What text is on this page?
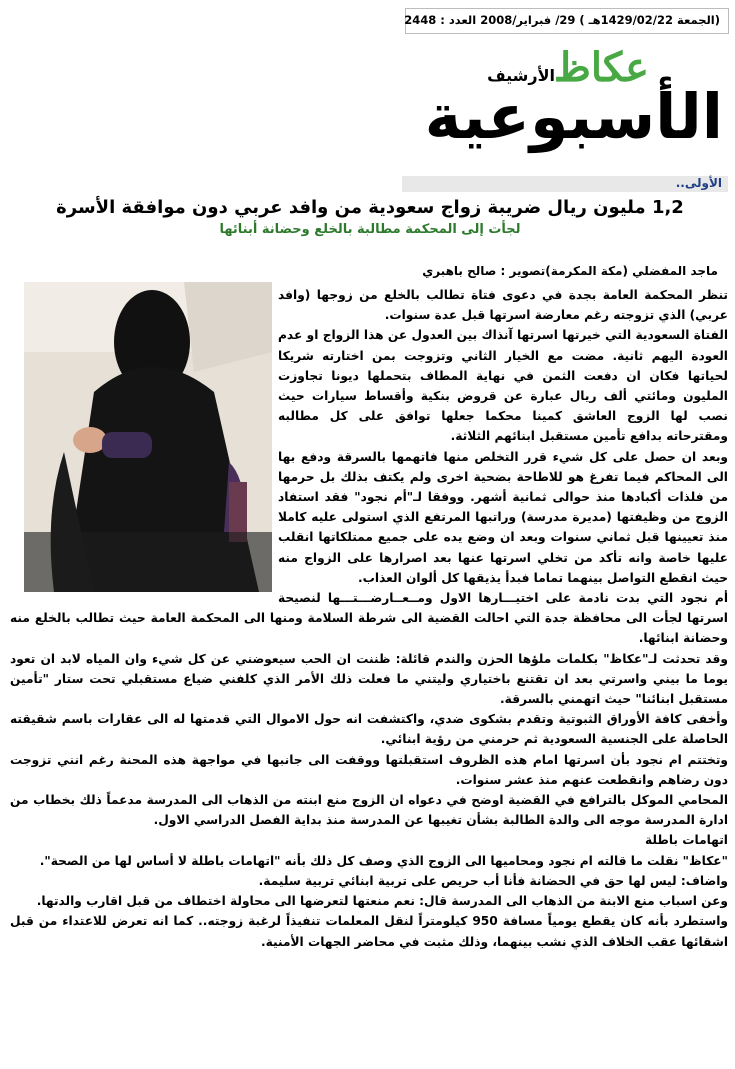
(الجمعة 1429/02/22هـ ) 29/ فبراير/2008 العدد : 2448
عكاظ
الأرشيف
الأسبوعية
الأولى..
1,2 مليون ريال ضريبة زواج سعودية من وافد عربي دون موافقة الأسرة
لجأت إلى المحكمة مطالبة بالخلع وحضانة أبنائها
ماجد المفضلي (مكة المكرمة)تصوير : صالح باهبري

تنظر المحكمة العامة بجدة في دعوى فتاة تطالب بالخلع من زوجها (وافد عربي) الذي تزوجته رغم معارضة اسرتها قبل عدة سنوات.

الفتاة السعودية التي خيرتها اسرتها آنذاك بين العدول عن هذا الزواج او عدم العودة اليهم ثانية. مضت مع الخيار الثاني وتزوجت بمن اختارته شريكا لحياتها فكان ان دفعت الثمن في نهاية المطاف بتحملها ديونا تجاوزت المليون ومائتي ألف ريال عبارة عن قروض بنكية وأقساط سيارات حيث نصب لها الزوج العاشق كمينا محكما جعلها توافق على كل مطالبه ومقترحاته بدافع تأمين مستقبل ابنائهم الثلاثة.

وبعد ان حصل على كل شيء قرر التخلص منها فاتهمها بالسرقة ودفع بها الى المحاكم فيما تفرغ هو للاطاحة بضحية اخرى ولم يكتف بذلك بل حرمها من فلذات أكبادها منذ حوالى ثمانية أشهر. ووفقا لـ"أم نجود" فقد استفاد الزوج من وظيفتها (مديرة مدرسة) وراتبها المرتفع الذي استولى عليه كاملا منذ تعيينها قبل ثماني سنوات وبعد ان وضع يده على جميع ممتلكاتها انقلب عليها خاصة وانه تأكد من تخلي اسرتها عنها بعد اصرارها على الزواج منه حيث انقطع التواصل بينهما تماما فبدأ يذيقها كل ألوان العذاب.

أم نجود التي بدت نادمة على اختيـــارها الاول ومــعــارضـــتـــها لنصيحة اسرتها لجأت الى محافظة جدة التي احالت القضية الى شرطة السلامة ومنها الى المحكمة العامة حيث تطالب بالخلع منه وحضانة ابنائها.

وقد تحدثت لـ"عكاظ" بكلمات ملؤها الحزن والندم قائلة: ظننت ان الحب سيعوضني عن كل شيء وان المياه لابد ان تعود يوما ما بيني واسرتي بعد ان تقتنع باختياري وليتني ما فعلت ذلك الأمر الذي كلفني ضياع مستقبلي تحت ستار "تأمين مستقبل ابنائنا" حيث اتهمني بالسرقة.

وأخفى كافة الأوراق الثبوتية وتقدم بشكوى ضدي، واكتشفت انه حول الاموال التي قدمتها له الى عقارات باسم شقيقته الحاصلة على الجنسية السعودية ثم حرمني من رؤية ابنائي.

وتختتم ام نجود بأن اسرتها امام هذه الظروف استقبلتها ووقفت الى جانبها في مواجهة هذه المحنة رغم انني تزوجت دون رضاهم وانقطعت عنهم منذ عشر سنوات.

المحامي الموكل بالترافع في القضية اوضح في دعواه ان الزوج منع ابنته من الذهاب الى المدرسة مدعماً ذلك بخطاب من ادارة المدرسة موجه الى والدة الطالبة بشأن تغيبها عن المدرسة منذ بداية الفصل الدراسي الاول.

اتهامات باطلة

"عكاظ" نقلت ما قالته ام نجود ومحاميها الى الزوج الذي وصف كل ذلك بأنه "اتهامات باطلة لا أساس لها من الصحة".

واضاف: ليس لها حق في الحضانة فأنا أب حريص على تربية ابنائي تربية سليمة.

وعن اسباب منع الابنة من الذهاب الى المدرسة قال: نعم منعتها لتعرضها الى محاولة اختطاف من قبل اقارب والدتها.

واستطرد بأنه كان يقطع يومياً مسافة 950 كيلومتراً لنقل المعلمات تنفيذاً لرغبة زوجته.. كما انه تعرض للاعتداء من قبل اشقائها عقب الخلاف الذي نشب بينهما، وذلك مثبت في محاضر الجهات الأمنية.
